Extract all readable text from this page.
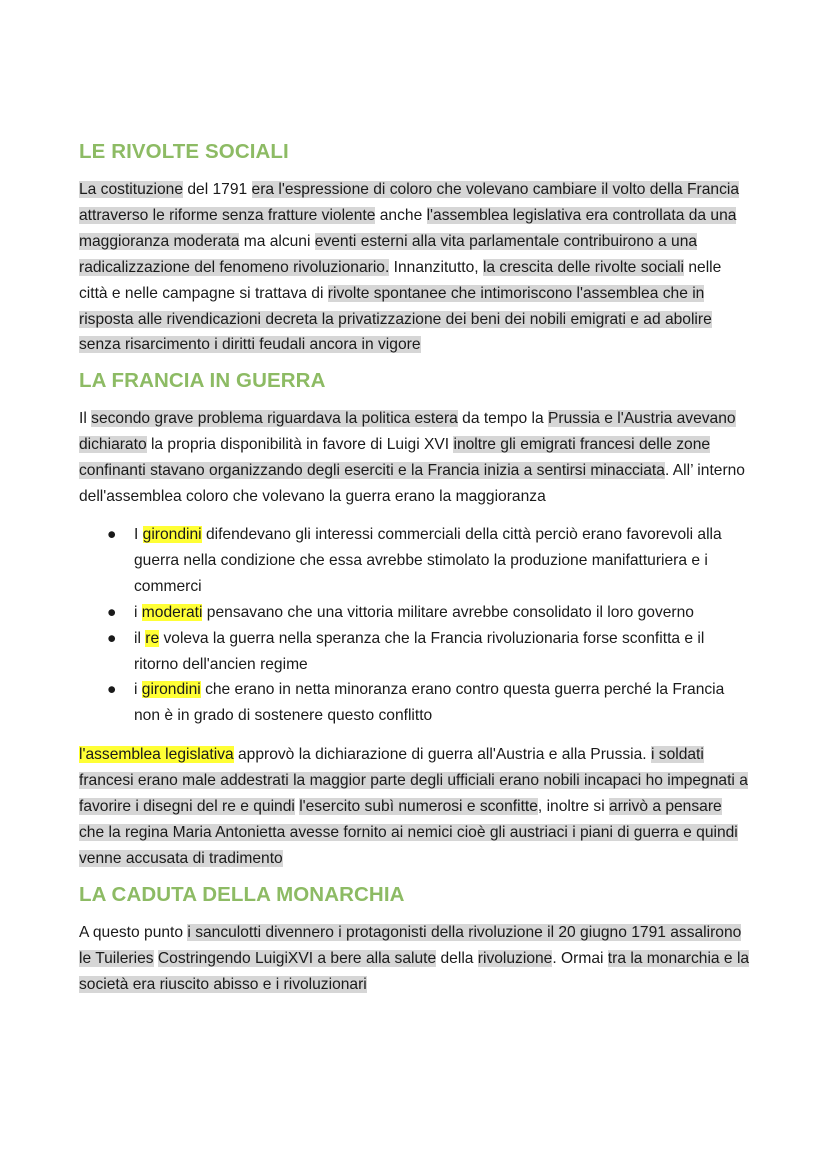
LE RIVOLTE SOCIALI

La costituzione del 1791 era l'espressione di coloro che volevano cambiare il volto della Francia attraverso le riforme senza fratture violente anche l'assemblea legislativa era controllata da una maggioranza moderata ma alcuni eventi esterni alla vita parlamentale contribuirono a una radicalizzazione del fenomeno rivoluzionario. Innanzitutto, la crescita delle rivolte sociali nelle città e nelle campagne si trattava di rivolte spontanee che intimoriscono l'assemblea che in risposta alle rivendicazioni decreta la privatizzazione dei beni dei nobili emigrati e ad abolire senza risarcimento i diritti feudali ancora in vigore

LA FRANCIA IN GUERRA

Il secondo grave problema riguardava la politica estera da tempo la Prussia e l'Austria avevano dichiarato la propria disponibilità in favore di Luigi XVI inoltre gli emigrati francesi delle zone confinanti stavano organizzando degli eserciti e la Francia inizia a sentirsi minacciata. All’ interno dell'assemblea coloro che volevano la guerra erano la maggioranza

● I girondini difendevano gli interessi commerciali della città perciò erano favorevoli alla guerra nella condizione che essa avrebbe stimolato la produzione manifatturiera e i commerci
● i moderati pensavano che una vittoria militare avrebbe consolidato il loro governo
● il re voleva la guerra nella speranza che la Francia rivoluzionaria forse sconfitta e il ritorno dell'ancien regime
● i girondini che erano in netta minoranza erano contro questa guerra perché la Francia non è in grado di sostenere questo conflitto

l'assemblea legislativa approvò la dichiarazione di guerra all'Austria e alla Prussia. i soldati francesi erano male addestrati la maggior parte degli ufficiali erano nobili incapaci ho impegnati a favorire i disegni del re e quindi l'esercito subì numerosi e sconfitte, inoltre si arrivò a pensare che la regina Maria Antonietta avesse fornito ai nemici cioè gli austriaci i piani di guerra e quindi venne accusata di tradimento

LA CADUTA DELLA MONARCHIA

A questo punto i sanculotti divennero i protagonisti della rivoluzione il 20 giugno 1791 assalirono le Tuileries Costringendo LuigiXVI a bere alla salute della rivoluzione. Ormai tra la monarchia e la società era riuscito abisso e i rivoluzionari
